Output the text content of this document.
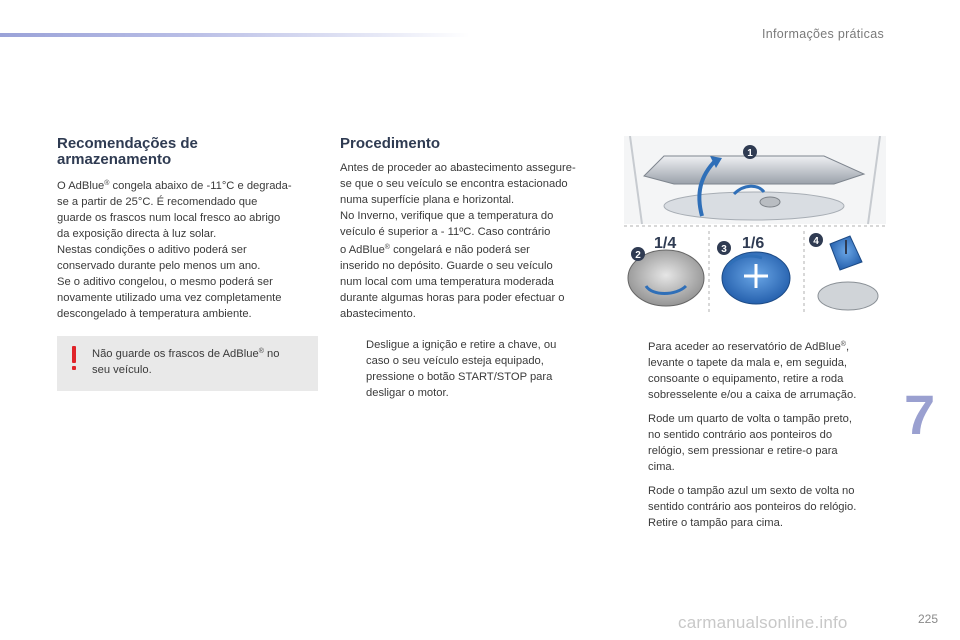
Informações práticas
Recomendações de armazenamento

O AdBlue® congela abaixo de -11°C e degrada-
se a partir de 25°C. É recomendado que
guarde os frascos num local fresco ao abrigo
da exposição directa à luz solar.
Nestas condições o aditivo poderá ser
conservado durante pelo menos um ano.
Se o aditivo congelou, o mesmo poderá ser
novamente utilizado uma vez completamente
descongelado à temperatura ambiente.

Não guarde os frascos de AdBlue® no
seu veículo.
Procedimento

Antes de proceder ao abastecimento assegure-
se que o seu veículo se encontra estacionado
numa superfície plana e horizontal.
No Inverno, verifique que a temperatura do
veículo é superior a - 11ºC. Caso contrário
o AdBlue® congelará e não poderá ser
inserido no depósito. Guarde o seu veículo
num local com uma temperatura moderada
durante algumas horas para poder efectuar o
abastecimento.

Desligue a ignição e retire a chave, ou
caso o seu veículo esteja equipado,
pressione o botão START/STOP para
desligar o motor.
1
2
1/4	3 1/6	4
Para aceder ao reservatório de AdBlue®,
levante o tapete da mala e, em seguida,
consoante o equipamento, retire a roda
sobresselente e/ou a caixa de arrumação.
Rode um quarto de volta o tampão preto,
no sentido contrário aos ponteiros do
relógio, sem pressionar e retire-o para
cima.
Rode o tampão azul um sexto de volta no
sentido contrário aos ponteiros do relógio.
Retire o tampão para cima.
7
carmanualsonline.info	225
